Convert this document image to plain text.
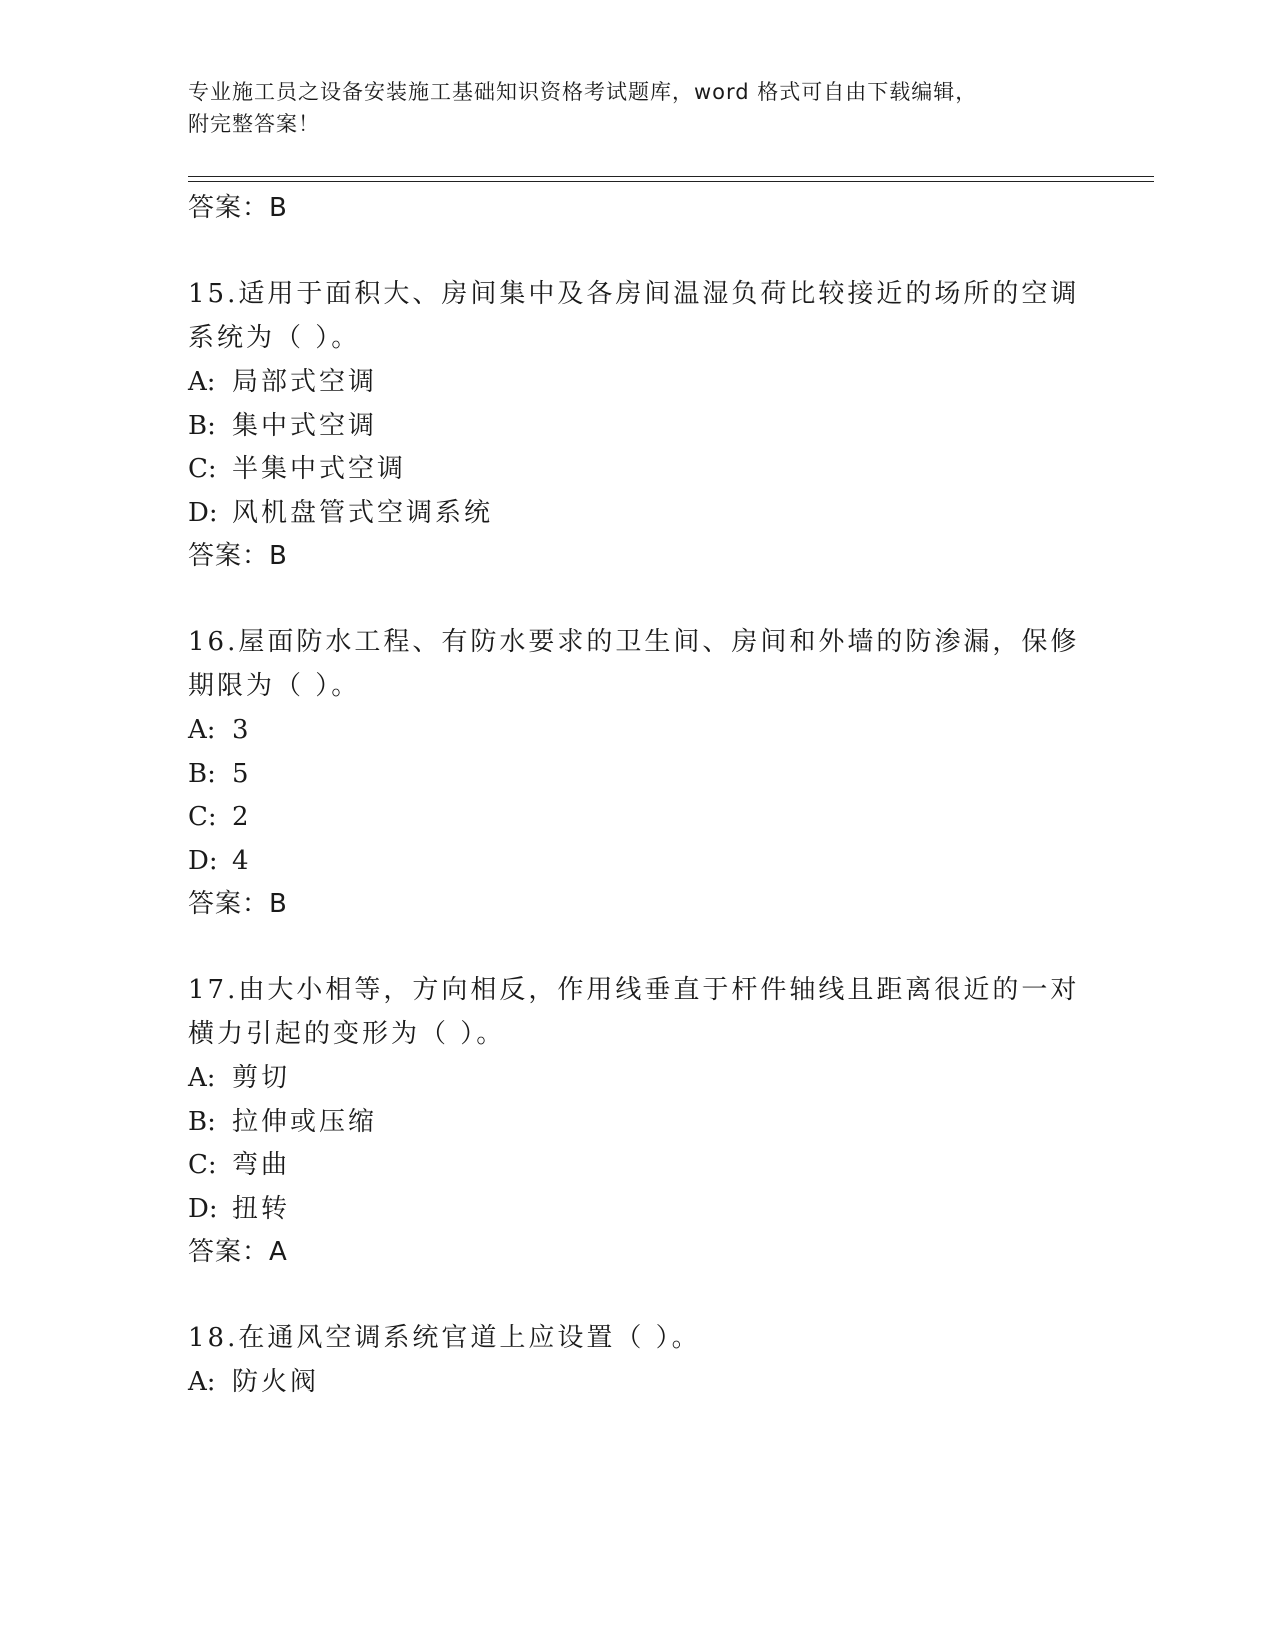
专业施工员之设备安装施工基础知识资格考试题库，word 格式可自由下载编辑，
附完整答案！
答案：B
15.适用于面积大、房间集中及各房间温湿负荷比较接近的场所的空调
系统为（ ）。
A: 局部式空调
B: 集中式空调
C: 半集中式空调
D: 风机盘管式空调系统
答案：B
16.屋面防水工程、有防水要求的卫生间、房间和外墙的防渗漏，保修
期限为（ ）。
A: 3
B: 5
C: 2
D: 4
答案：B
17.由大小相等，方向相反，作用线垂直于杆件轴线且距离很近的一对
横力引起的变形为（ ）。
A: 剪切
B: 拉伸或压缩
C: 弯曲
D: 扭转
答案：A
18.在通风空调系统官道上应设置（ ）。
A: 防火阀
